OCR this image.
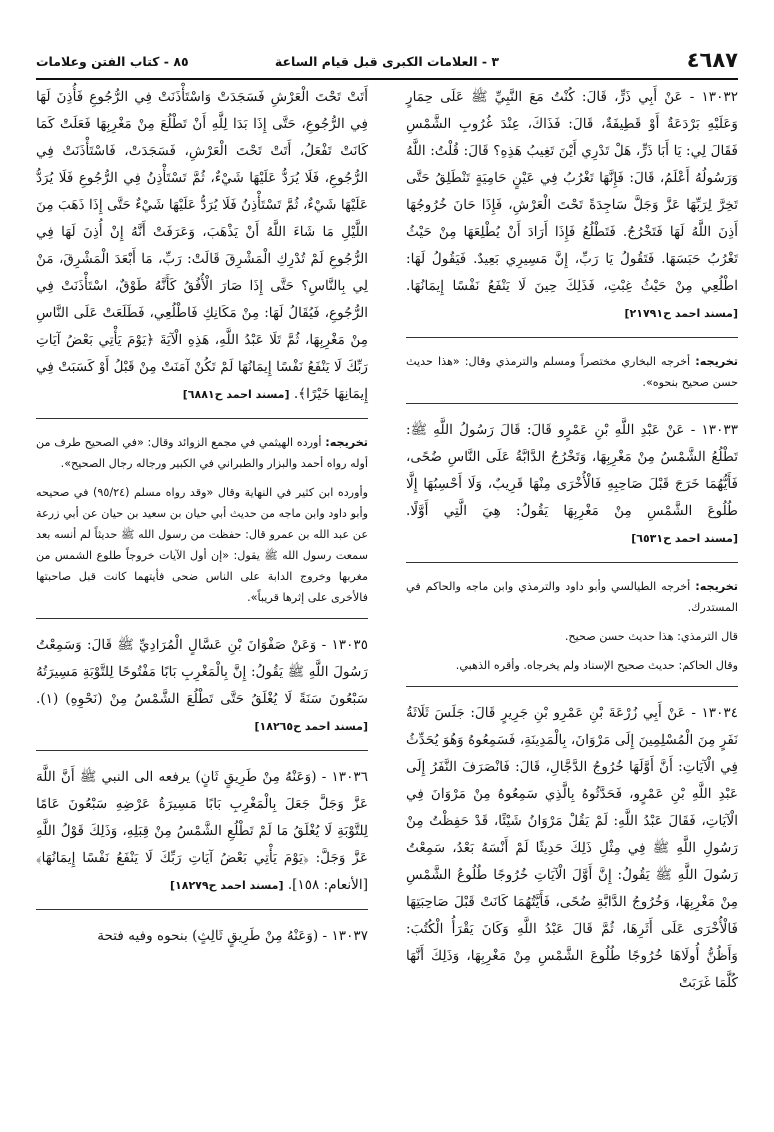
٤٦٨٧
٣ - العلامات الكبرى قبل قيام الساعة
٨٥ - كتاب الفتن وعلامات

١٣٠٣٢ - عَنْ أَبِي ذَرٍّ، قَالَ: كُنْتُ مَعَ النَّبِيِّ ﷺ عَلَى حِمَارٍ وَعَلَيْهِ بَرْدَعَةٌ أَوْ قَطِيفَةٌ، قَالَ: فَذَاكَ، عِنْدَ غُرُوبِ الشَّمْسِ فَقَالَ لِي: يَا أَبَا ذَرٍّ، هَلْ تَدْرِي أَيْنَ تَغِيبُ هَذِهِ؟ قَالَ: قُلْتُ: اللَّهُ وَرَسُولُهُ أَعْلَمُ، قَالَ: فَإِنَّهَا تَغْرُبُ فِي عَيْنٍ حَامِيَةٍ تَنْطَلِقُ حَتَّى تَخِرَّ لِرَبِّهَا عَزَّ وَجَلَّ سَاجِدَةً تَحْتَ الْعَرْشِ، فَإِذَا حَانَ خُرُوجُهَا أَذِنَ اللَّهُ لَهَا فَتَخْرُجُ. فَتَطْلُعُ فَإِذَا أَرَادَ أَنْ يُطْلِعَهَا مِنْ حَيْثُ تَغْرُبُ حَبَسَهَا. فَتَقُولُ يَا رَبِّ، إِنَّ مَسِيرِي بَعِيدٌ. فَيَقُولُ لَهَا: اطْلُعِي مِنْ حَيْثُ غِبْتِ، فَذَلِكَ حِينَ لَا يَنْفَعُ نَفْسًا إِيمَانُهَا. [مسند احمد ح٢١٧٩١]

تخريجه: أخرجه البخاري مختصراً ومسلم والترمذي وقال: «هذا حديث حسن صحيح بنحوه».

١٣٠٣٣ - عَنْ عَبْدِ اللَّهِ بْنِ عَمْرٍو قَالَ: قَالَ رَسُولُ اللَّهِ ﷺ: تَطْلُعُ الشَّمْسُ مِنْ مَغْرِبِهَا، وَتَخْرُجُ الدَّابَّةُ عَلَى النَّاسِ ضُحًى، فَأَيُّهُمَا خَرَجَ قَبْلَ صَاحِبِهِ فَالْأُخْرَى مِنْهَا قَرِيبٌ، وَلَا أَحْسِبُهَا إِلَّا طُلُوعَ الشَّمْسِ مِنْ مَغْرِبِهَا يَقُولُ: هِيَ الَّتِي أَوَّلًا. [مسند احمد ح٦٥٣١]

تخريجه: أخرجه الطيالسي وأبو داود والترمذي وابن ماجه والحاكم في المستدرك.

قال الترمذي: هذا حديث حسن صحيح.

وقال الحاكم: حديث صحيح الإسناد ولم يخرجاه. وأقره الذهبي.

١٣٠٣٤ - عَنْ أَبِي زُرْعَةَ بْنِ عَمْرِو بْنِ جَرِيرٍ قَالَ: جَلَسَ ثَلَاثَةُ نَفَرٍ مِنَ الْمُسْلِمِينَ إِلَى مَرْوَانَ، بِالْمَدِينَةِ، فَسَمِعُوهُ وَهُوَ يُحَدِّثُ فِي الْآيَاتِ: أَنَّ أَوَّلَهَا خُرُوجُ الدَّجَّالِ، قَالَ: فَانْصَرَفَ النَّفَرُ إِلَى عَبْدِ اللَّهِ بْنِ عَمْرٍو، فَحَدَّثُوهُ بِالَّذِي سَمِعُوهُ مِنْ مَرْوَانَ فِي الْآيَاتِ، فَقَالَ عَبْدُ اللَّهِ: لَمْ يَقُلْ مَرْوَانُ شَيْئًا، قَدْ حَفِظْتُ مِنْ رَسُولِ اللَّهِ ﷺ فِي مِثْلِ ذَلِكَ حَدِيثًا لَمْ أَنْسَهُ بَعْدُ، سَمِعْتُ رَسُولَ اللَّهِ ﷺ يَقُولُ: إِنَّ أَوَّلَ الْآيَاتِ خُرُوجًا طُلُوعُ الشَّمْسِ مِنْ مَغْرِبِهَا، وَخُرُوجُ الدَّابَّةِ ضُحًى، فَأَيَّتُهُمَا كَانَتْ قَبْلَ صَاحِبَتِهَا فَالْأُخْرَى عَلَى أَثَرِهَا، ثُمَّ قَالَ عَبْدُ اللَّهِ وَكَانَ يَقْرَأُ الْكُتُبَ: وَأَظُنُّ أُولَاهَا خُرُوجًا طُلُوعَ الشَّمْسِ مِنْ مَغْرِبِهَا، وَذَلِكَ أَنَّهَا كُلَّمَا غَرَبَتْ

أَتَتْ تَحْتَ الْعَرْشِ فَسَجَدَتْ وَاسْتَأْذَنَتْ فِي الرُّجُوعِ فَأُذِنَ لَهَا فِي الرُّجُوعِ، حَتَّى إِذَا بَدَا لِلَّهِ أَنْ تَطْلُعَ مِنْ مَغْرِبِهَا فَعَلَتْ كَمَا كَانَتْ تَفْعَلُ، أَتَتْ تَحْتَ الْعَرْشِ، فَسَجَدَتْ، فَاسْتَأْذَنَتْ فِي الرُّجُوعِ، فَلَا يُرَدُّ عَلَيْهَا شَيْءٌ، ثُمَّ تَسْتَأْذِنُ فِي الرُّجُوعِ فَلَا يُرَدُّ عَلَيْهَا شَيْءٌ، ثُمَّ تَسْتَأْذِنُ فَلَا يُرَدُّ عَلَيْهَا شَيْءٌ حَتَّى إِذَا ذَهَبَ مِنَ اللَّيْلِ مَا شَاءَ اللَّهُ أَنْ يَذْهَبَ، وَعَرَفَتْ أَنَّهُ إِنْ أُذِنَ لَهَا فِي الرُّجُوعِ لَمْ تُدْرِكِ الْمَشْرِقَ قَالَتْ: رَبِّ، مَا أَبْعَدَ الْمَشْرِقَ، مَنْ لِي بِالنَّاسِ؟ حَتَّى إِذَا صَارَ الْأُفُقُ كَأَنَّهُ طَوْقٌ، اسْتَأْذَنَتْ فِي الرُّجُوعِ، فَيُقَالُ لَهَا: مِنْ مَكَانِكِ فَاطْلُعِي، فَطَلَعَتْ عَلَى النَّاسِ مِنْ مَغْرِبِهَا، ثُمَّ تَلَا عَبْدُ اللَّهِ، هَذِهِ الْآيَةَ ﴿يَوْمَ يَأْتِي بَعْضُ آيَاتِ رَبِّكَ لَا يَنْفَعُ نَفْسًا إِيمَانُهَا لَمْ تَكُنْ آمَنَتْ مِنْ قَبْلُ أَوْ كَسَبَتْ فِي إِيمَانِهَا خَيْرًا﴾. [مسند احمد ح٦٨٨١]

تخريجه: أورده الهيثمي في مجمع الزوائد وقال: «في الصحيح طرف من أوله رواه أحمد والبزار والطبراني في الكبير ورجاله رجال الصحيح».

وأورده ابن كثير في النهاية وقال «وقد رواه مسلم (٩٥/٢٤) في صحيحه وأبو داود وابن ماجه من حديث أبي حيان بن سعيد بن حيان عن أبي زرعة عن عبد الله بن عمرو قال: حفظت من رسول الله ﷺ حديثاً لم أنسه بعد سمعت رسول الله ﷺ يقول: «إن أول الآيات خروجاً طلوع الشمس من مغربها وخروج الدابة على الناس ضحى فأيتهما كانت قبل صاحبتها فالأخرى على إثرها قريباً».

١٣٠٣٥ - وَعَنْ صَفْوَانَ بْنِ عَسَّالٍ الْمُرَادِيِّ ﷺ قَالَ: وَسَمِعْتُ رَسُولَ اللَّهِ ﷺ يَقُولُ: إِنَّ بِالْمَغْرِبِ بَابًا مَفْتُوحًا لِلتَّوْبَةِ مَسِيرَتُهُ سَبْعُونَ سَنَةً لَا يُغْلَقُ حَتَّى تَطْلُعَ الشَّمْسُ مِنْ (نَحْوِهِ) (١). [مسند احمد ح١٨٢٦٥]

١٣٠٣٦ - (وَعَنْهُ مِنْ طَرِيقٍ ثَانٍ) يرفعه الى النبي ﷺ أَنَّ اللَّهَ عَزَّ وَجَلَّ جَعَلَ بِالْمَغْرِبِ بَابًا مَسِيرَةُ عَرْضِهِ سَبْعُونَ عَامًا لِلتَّوْبَةِ لَا يُغْلَقُ مَا لَمْ تَطْلُعِ الشَّمْسُ مِنْ قِبَلِهِ، وَذَلِكَ قَوْلُ اللَّهِ عَزَّ وَجَلَّ: ﴿يَوْمَ يَأْتِي بَعْضُ آيَاتِ رَبِّكَ لَا يَنْفَعُ نَفْسًا إِيمَانُهَا﴾ [الأنعام: ١٥٨]. [مسند احمد ح١٨٢٧٩]

١٣٠٣٧ - (وَعَنْهُ مِنْ طَرِيقٍ ثَالِثٍ) بنحوه وفيه فتحة
